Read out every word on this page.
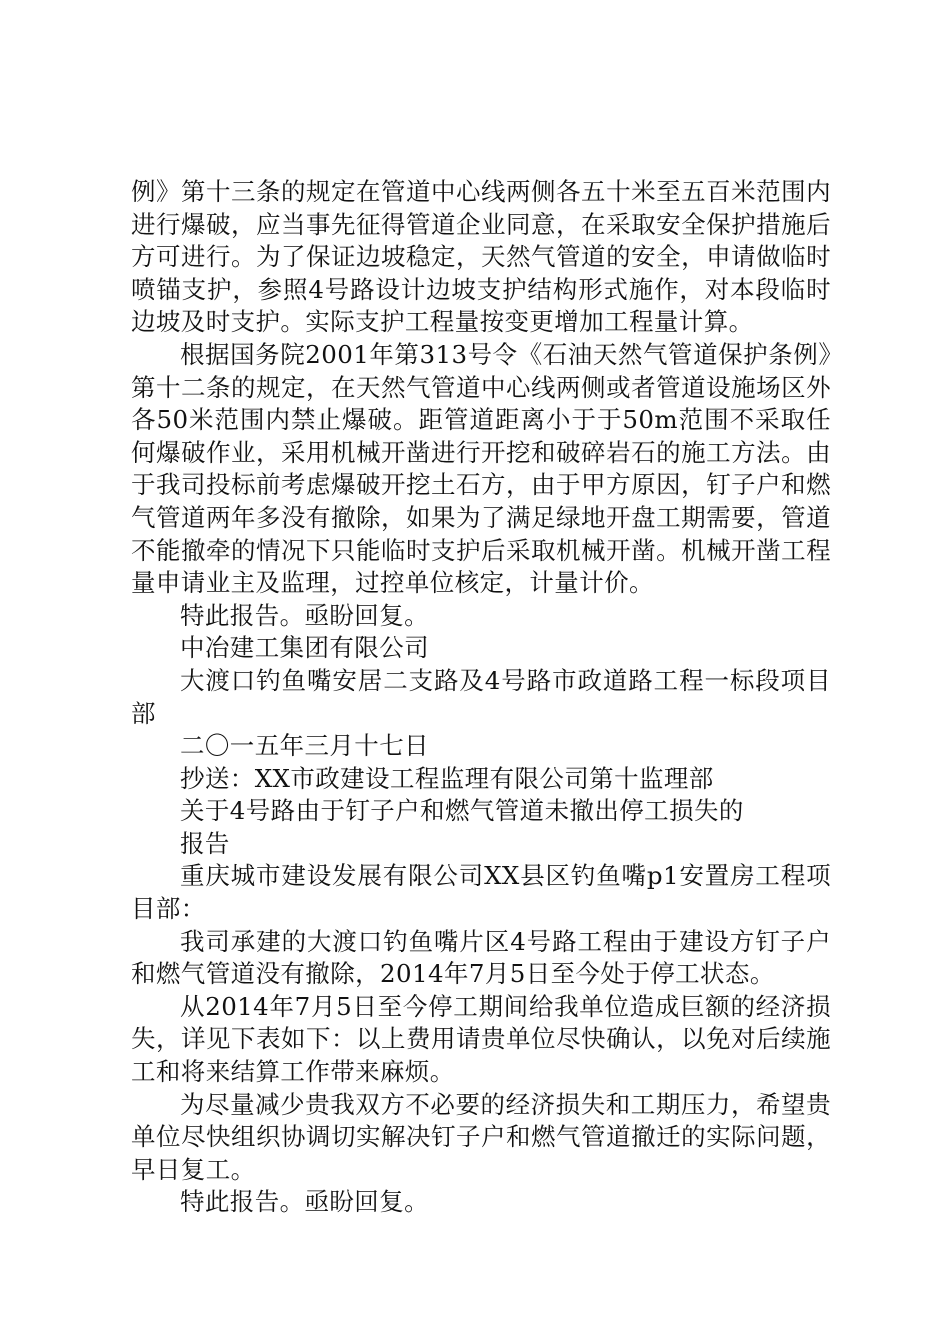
例》第十三条的规定在管道中心线两侧各五十米至五百米范围内进行爆破，应当事先征得管道企业同意，在采取安全保护措施后方可进行。为了保证边坡稳定，天然气管道的安全，申请做临时喷锚支护，参照4号路设计边坡支护结构形式施作，对本段临时边坡及时支护。实际支护工程量按变更增加工程量计算。

根据国务院2001年第313号令《石油天然气管道保护条例》第十二条的规定，在天然气管道中心线两侧或者管道设施场区外各50米范围内禁止爆破。距管道距离小于于50m范围不采取任何爆破作业，采用机械开凿进行开挖和破碎岩石的施工方法。由于我司投标前考虑爆破开挖土石方，由于甲方原因，钉子户和燃气管道两年多没有撤除，如果为了满足绿地开盘工期需要，管道不能撤牵的情况下只能临时支护后采取机械开凿。机械开凿工程量申请业主及监理，过控单位核定，计量计价。

特此报告。亟盼回复。

中冶建工集团有限公司

大渡口钓鱼嘴安居二支路及4号路市政道路工程一标段项目部

二〇一五年三月十七日

抄送：XX市政建设工程监理有限公司第十监理部

关于4号路由于钉子户和燃气管道未撤出停工损失的

报告

重庆城市建设发展有限公司XX县区钓鱼嘴p1安置房工程项目部：

我司承建的大渡口钓鱼嘴片区4号路工程由于建设方钉子户和燃气管道没有撤除，2014年7月5日至今处于停工状态。

从2014年7月5日至今停工期间给我单位造成巨额的经济损失，详见下表如下：以上费用请贵单位尽快确认，以免对后续施工和将来结算工作带来麻烦。

为尽量减少贵我双方不必要的经济损失和工期压力，希望贵单位尽快组织协调切实解决钉子户和燃气管道撤迁的实际问题，早日复工。

特此报告。亟盼回复。
